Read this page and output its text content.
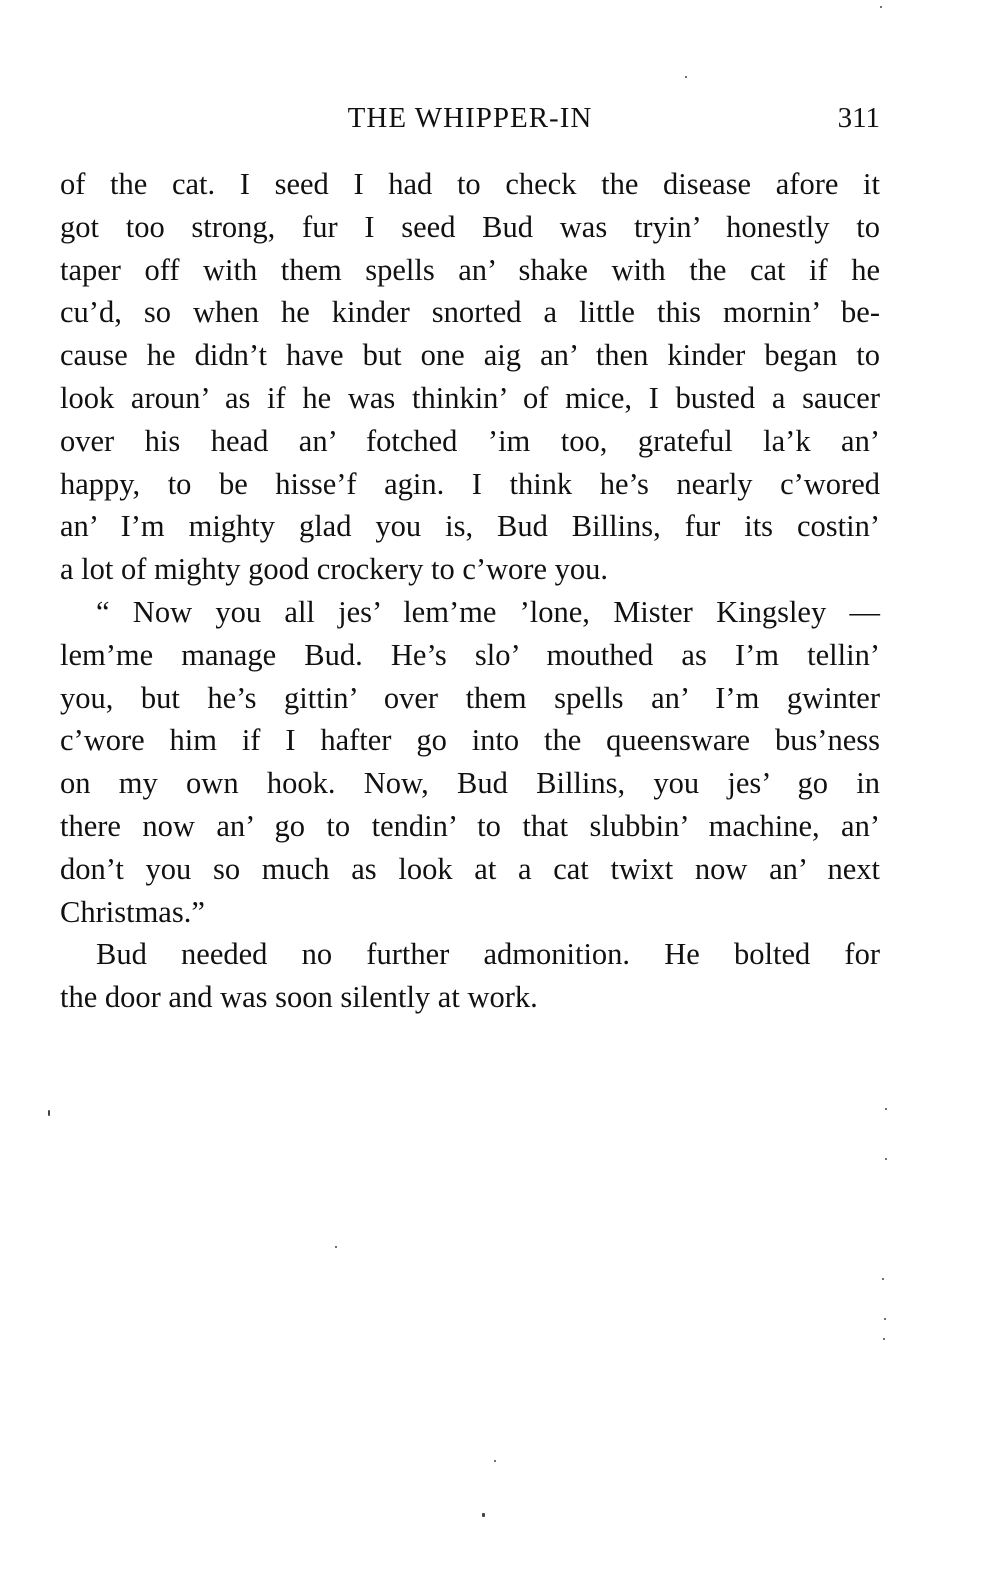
THE WHIPPER-IN	311
of the cat. I seed I had to check the disease afore it
got too strong, fur I seed Bud was tryin’ honestly to
taper off with them spells an’ shake with the cat if he
cu’d, so when he kinder snorted a little this mornin’ be-
cause he didn’t have but one aig an’ then kinder began to
look aroun’ as if he was thinkin’ of mice, I busted a saucer
over his head an’ fotched ’im too, grateful la’k an’
happy, to be hisse’f agin. I think he’s nearly c’wored
an’ I’m mighty glad you is, Bud Billins, fur its costin’
a lot of mighty good crockery to c’wore you.
“ Now you all jes’ lem’me ’lone, Mister Kingsley —
lem’me manage Bud. He’s slo’ mouthed as I’m tellin’
you, but he’s gittin’ over them spells an’ I’m gwinter
c’wore him if I hafter go into the queensware bus’ness
on my own hook. Now, Bud Billins, you jes’ go in
there now an’ go to tendin’ to that slubbin’ machine, an’
don’t you so much as look at a cat twixt now an’ next
Christmas.”
Bud needed no further admonition. He bolted for
the door and was soon silently at work.
